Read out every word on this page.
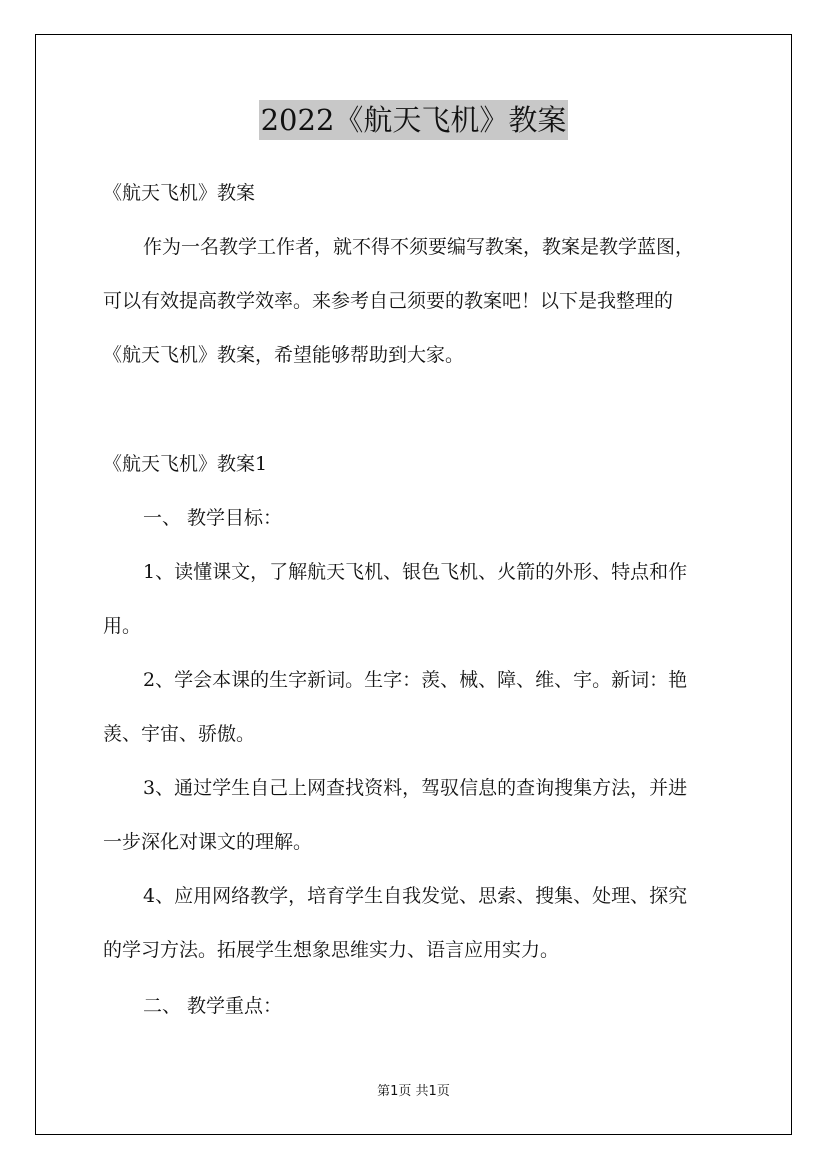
2022《航天飞机》教案
《航天飞机》教案
作为一名教学工作者，就不得不须要编写教案，教案是教学蓝图，
可以有效提高教学效率。来参考自己须要的教案吧！以下是我整理的
《航天飞机》教案，希望能够帮助到大家。
《航天飞机》教案1
一、 教学目标：
1、读懂课文，了解航天飞机、银色飞机、火箭的外形、特点和作
用。
2、学会本课的生字新词。生字：羡、械、障、维、宇。新词：艳
羡、宇宙、骄傲。
3、通过学生自己上网查找资料，驾驭信息的查询搜集方法，并进
一步深化对课文的理解。
4、应用网络教学，培育学生自我发觉、思索、搜集、处理、探究
的学习方法。拓展学生想象思维实力、语言应用实力。
二、 教学重点：
第1页 共1页
